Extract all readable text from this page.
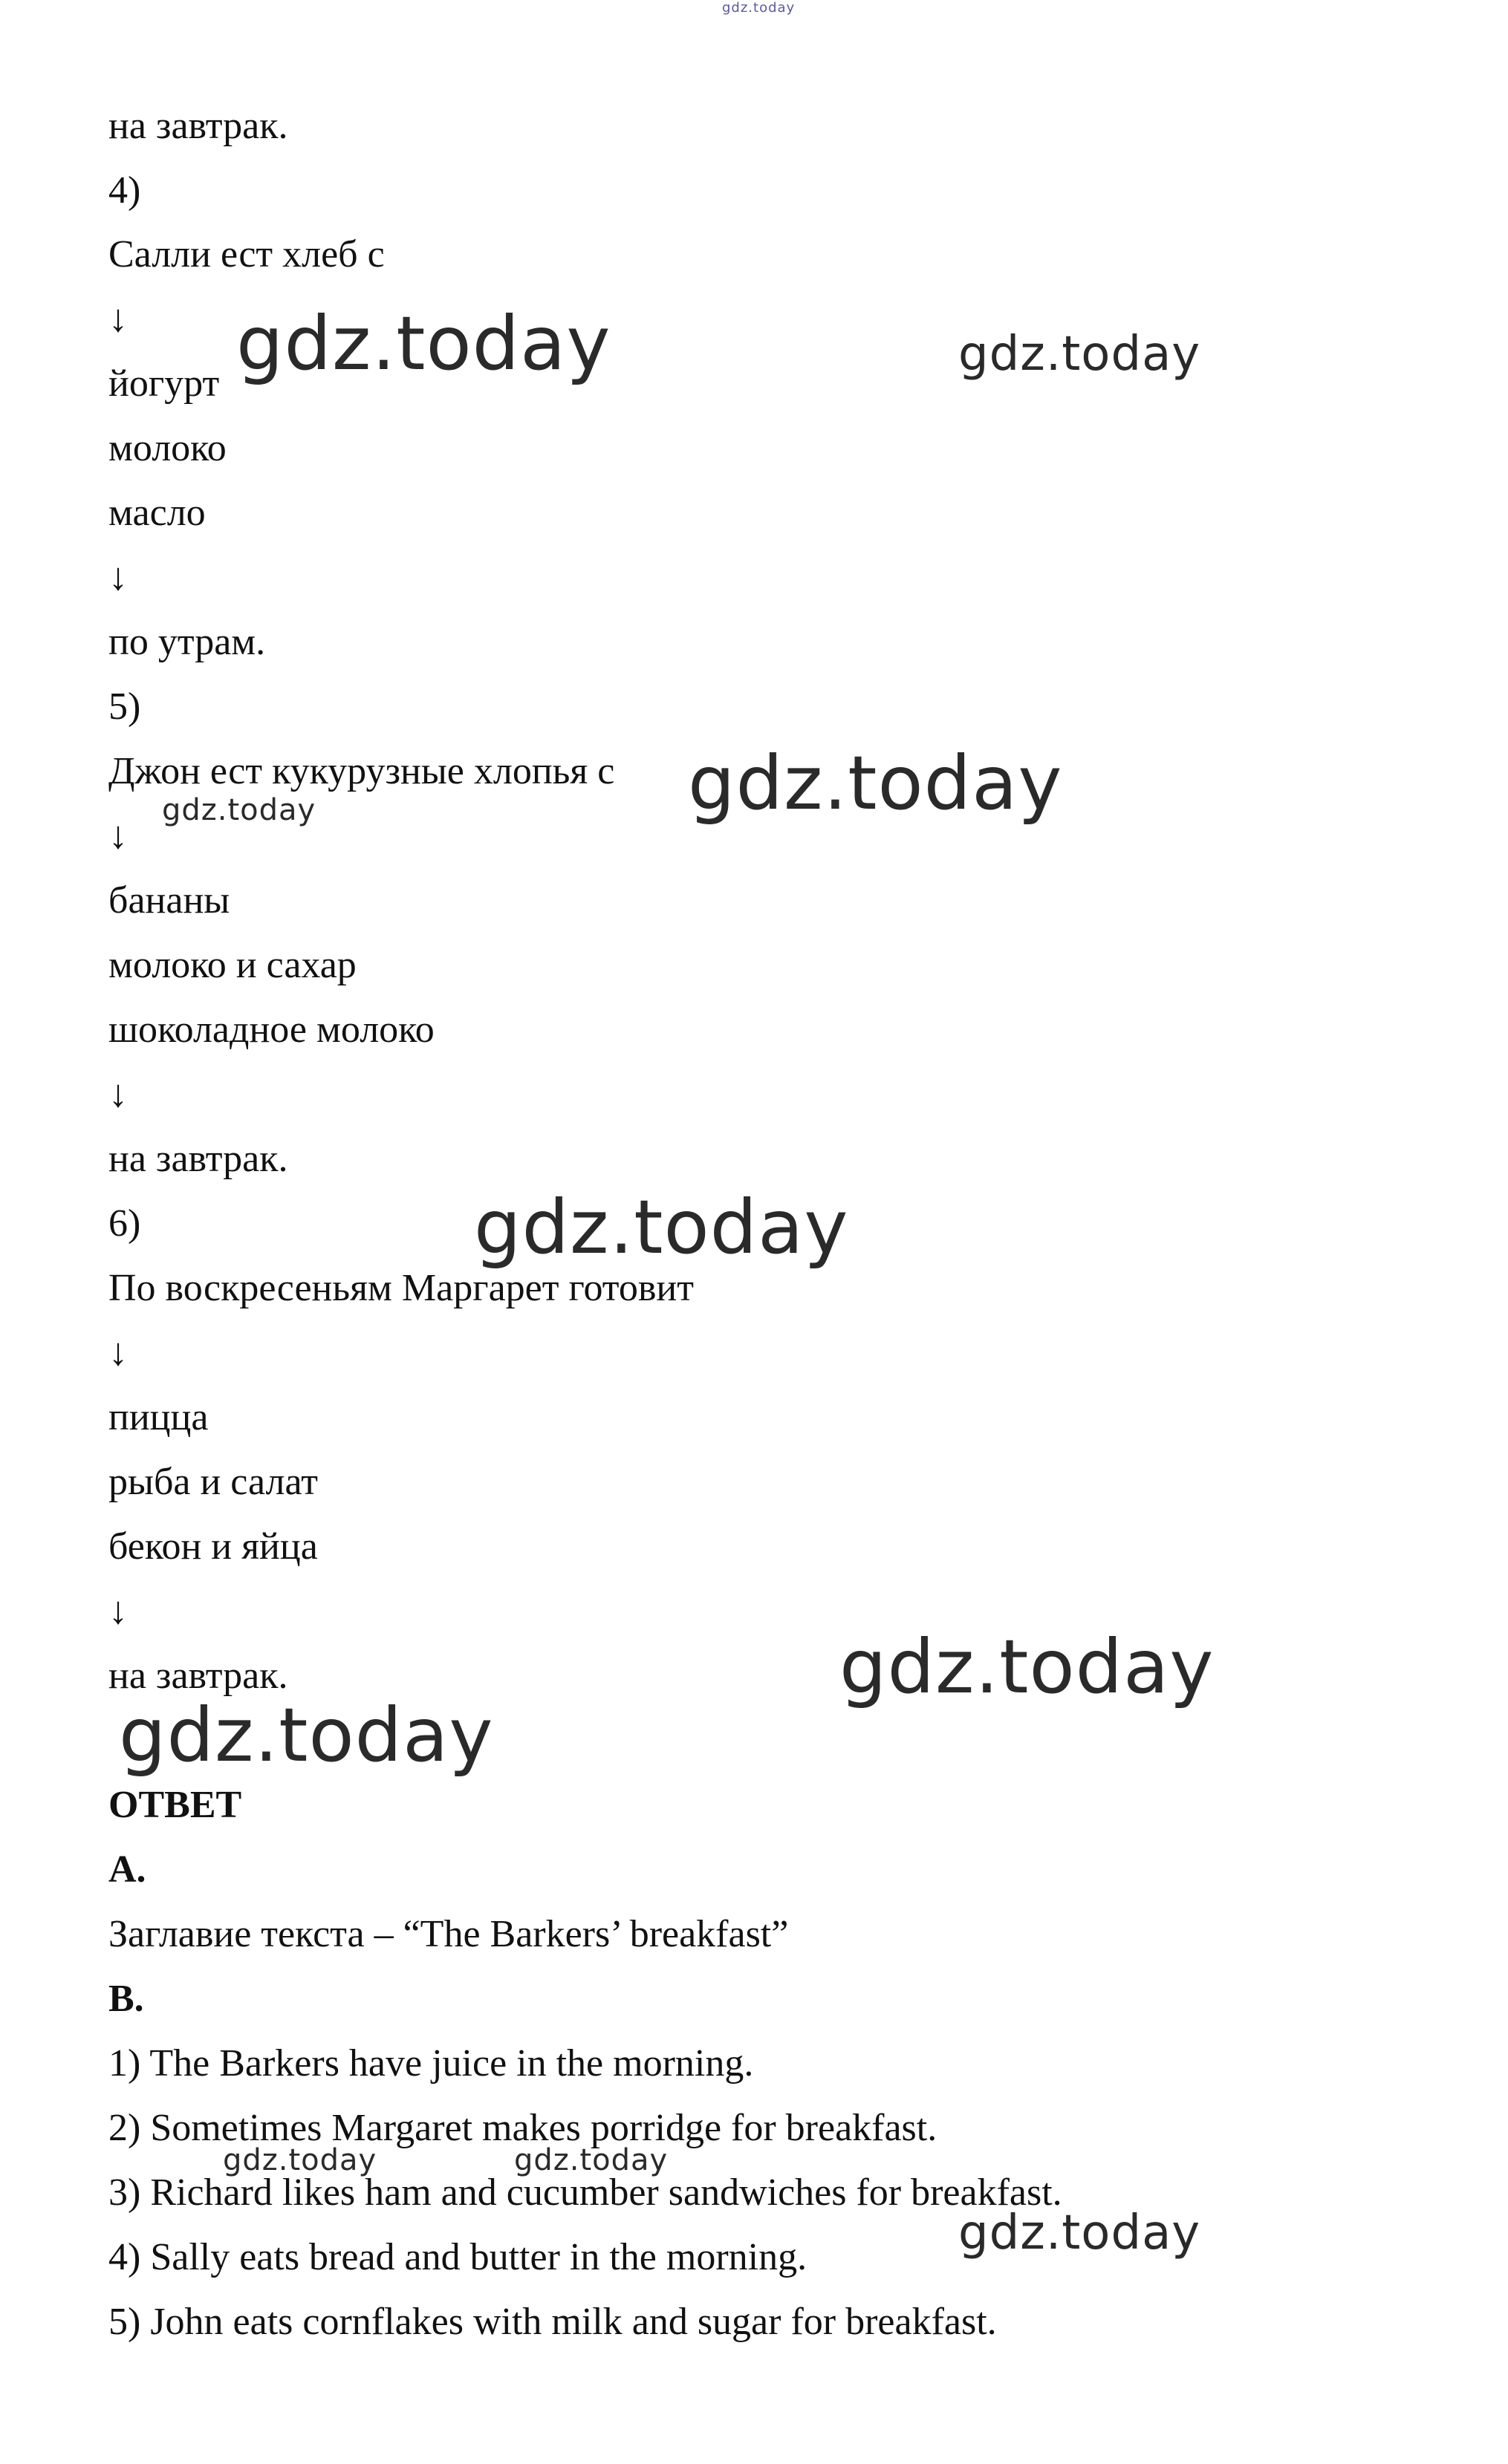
на завтрак.
4)
Салли ест хлеб с
↓
йогурт
молоко
масло
↓
по утрам.
5)
Джон ест кукурузные хлопья с
↓
бананы
молоко и сахар
шоколадное молоко
↓
на завтрак.
6)
По воскресеньям Маргарет готовит
↓
пицца
рыба и салат
бекон и яйца
↓
на завтрак.
ОТВЕТ
A.
Заглавие текста – “The Barkers’ breakfast”
B.
1) The Barkers have juice in the morning.
2) Sometimes Margaret makes porridge for breakfast.
3) Richard likes ham and cucumber sandwiches for breakfast.
4) Sally eats bread and butter in the morning.
5) John eats cornflakes with milk and sugar for breakfast.
gdz.today
gdz.today	gdz.today
gdz.today
gdz.today
gdz.today
gdz.today
gdz.today
gdz.today	gdz.today
gdz.today
